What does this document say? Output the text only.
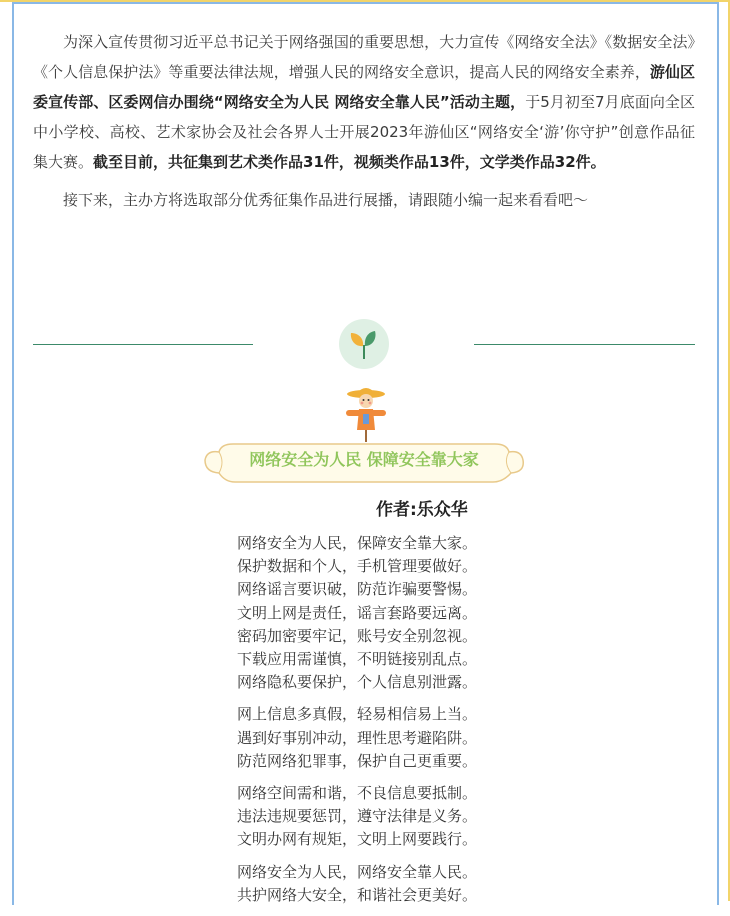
为深入宣传贯彻习近平总书记关于网络强国的重要思想，大力宣传《网络安全法》《数据安全法》《个人信息保护法》等重要法律法规，增强人民的网络安全意识，提高人民的网络安全素养，游仙区委宣传部、区委网信办围绕“网络安全为人民 网络安全靠人民”活动主题，于5月初至7月底面向全区中小学校、高校、艺术家协会及社会各界人士开展2023年游仙区“网络安全‘游’你守护”创意作品征集大赛。截至目前，共征集到艺术类作品31件，视频类作品13件，文学类作品32件。

接下来，主办方将选取部分优秀征集作品进行展播，请跟随小编一起来看看吧～

网络安全为人民 保障安全靠大家
作者:乐众华
网络安全为人民，保障安全靠大家。
保护数据和个人，手机管理要做好。
网络谣言要识破，防范诈骗要警惕。
文明上网是责任，谣言套路要远离。
密码加密要牢记，账号安全别忽视。
下载应用需谨慎，不明链接别乱点。
网络隐私要保护，个人信息别泄露。
网上信息多真假，轻易相信易上当。
遇到好事别冲动，理性思考避陷阱。
防范网络犯罪事，保护自己更重要。
网络空间需和谐，不良信息要抵制。
违法违规要惩罚，遵守法律是义务。
文明办网有规矩，文明上网要践行。
网络安全为人民，网络安全靠人民。
共护网络大安全，和谐社会更美好。
